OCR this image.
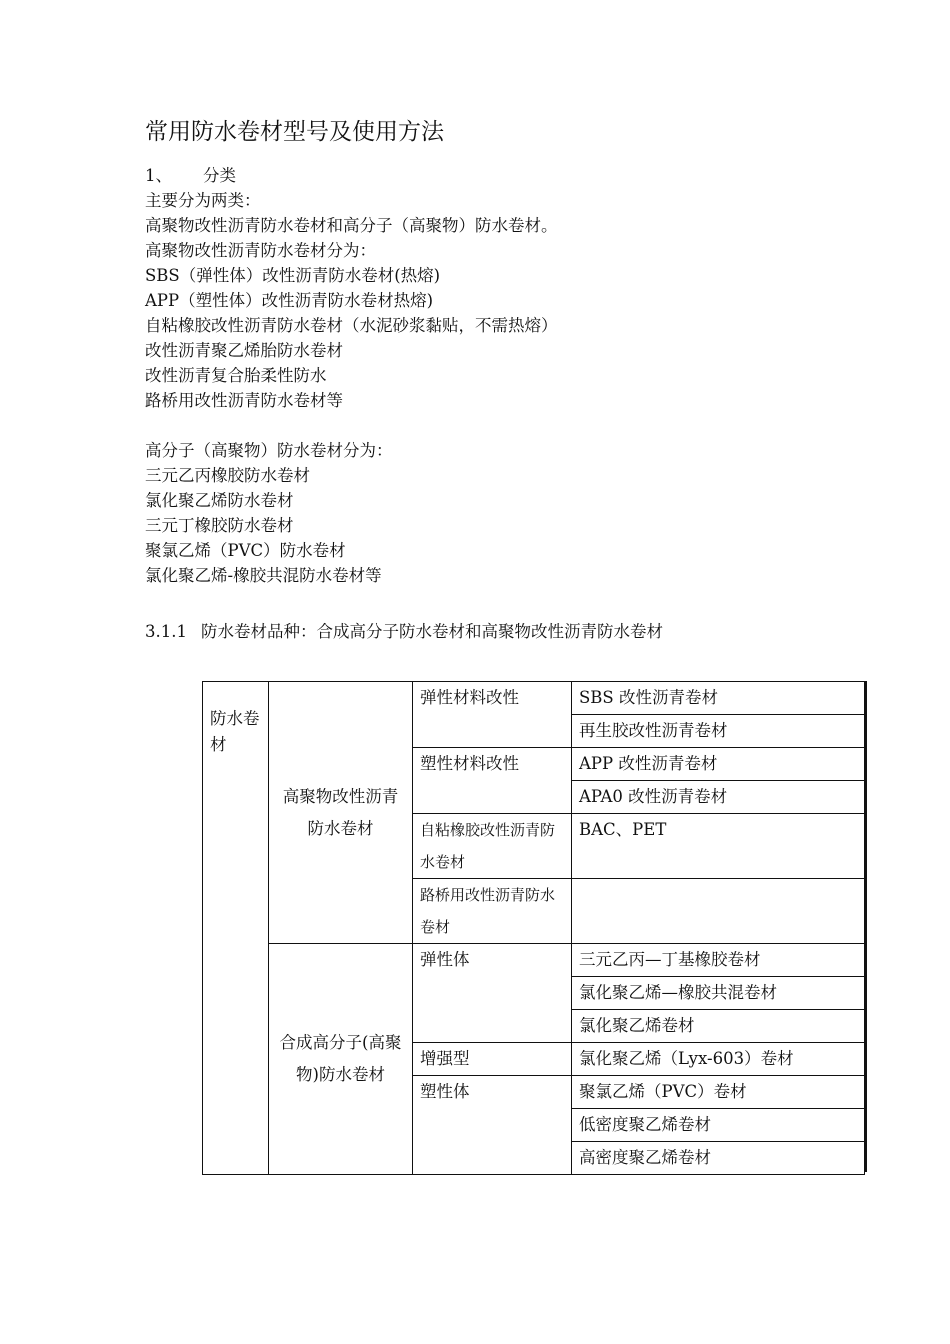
常用防水卷材型号及使用方法
1、 分类
主要分为两类：
高聚物改性沥青防水卷材和高分子（高聚物）防水卷材。
高聚物改性沥青防水卷材分为：
SBS（弹性体）改性沥青防水卷材(热熔)
APP（塑性体）改性沥青防水卷材热熔)
自粘橡胶改性沥青防水卷材（水泥砂浆黏贴，不需热熔）
改性沥青聚乙烯胎防水卷材
改性沥青复合胎柔性防水
路桥用改性沥青防水卷材等
高分子（高聚物）防水卷材分为：
三元乙丙橡胶防水卷材
氯化聚乙烯防水卷材
三元丁橡胶防水卷材
聚氯乙烯（PVC）防水卷材
氯化聚乙烯-橡胶共混防水卷材等
3.1.1 防水卷材品种：合成高分子防水卷材和高聚物改性沥青防水卷材
防水卷材	高聚物改性沥青防水卷材	弹性材料改性	SBS 改性沥青卷材
			再生胶改性沥青卷材
		塑性材料改性	APP 改性沥青卷材
			APA0 改性沥青卷材
		自粘橡胶改性沥青防水卷材	BAC、PET

		路桥用改性沥青防水卷材	

	合成高分子(高聚物)防水卷材	弹性体	三元乙丙—丁基橡胶卷材
			氯化聚乙烯—橡胶共混卷材
			氯化聚乙烯卷材
		增强型	氯化聚乙烯（Lyx-603）卷材
		塑性体	聚氯乙烯（PVC）卷材
			低密度聚乙烯卷材
			高密度聚乙烯卷材
